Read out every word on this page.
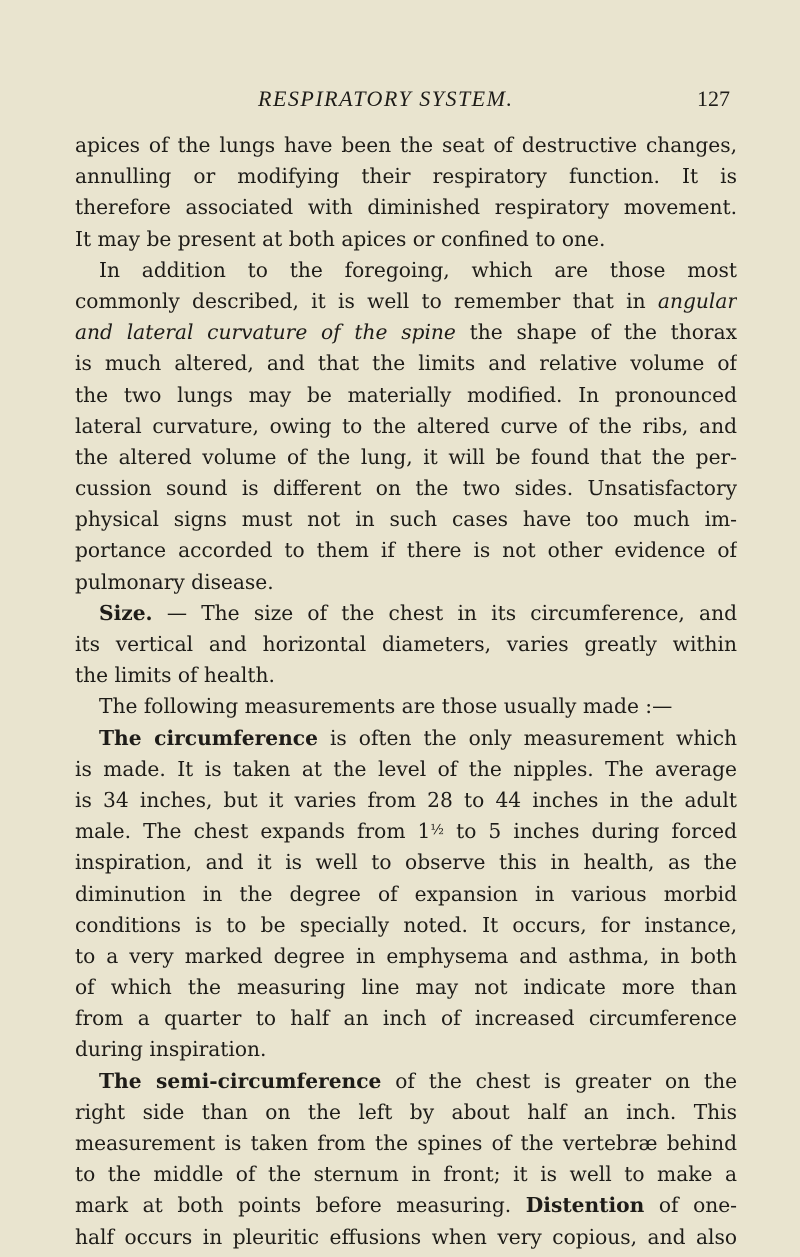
RESPIRATORY SYSTEM.	127
apices of the lungs have been the seat of destructive changes,
annulling or modifying their respiratory function. It is
therefore associated with diminished respiratory movement.
It may be present at both apices or confined to one.
In addition to the foregoing, which are those most
commonly described, it is well to remember that in angular
and lateral curvature of the spine the shape of the thorax
is much altered, and that the limits and relative volume of
the two lungs may be materially modified. In pronounced
lateral curvature, owing to the altered curve of the ribs, and
the altered volume of the lung, it will be found that the per-
cussion sound is different on the two sides. Unsatisfactory
physical signs must not in such cases have too much im-
portance accorded to them if there is not other evidence of
pulmonary disease.
Size. — The size of the chest in its circumference, and
its vertical and horizontal diameters, varies greatly within
the limits of health.
The following measurements are those usually made :—
The circumference is often the only measurement which
is made. It is taken at the level of the nipples. The average
is 34 inches, but it varies from 28 to 44 inches in the adult
male. The chest expands from 1½ to 5 inches during forced
inspiration, and it is well to observe this in health, as the
diminution in the degree of expansion in various morbid
conditions is to be specially noted. It occurs, for instance,
to a very marked degree in emphysema and asthma, in both
of which the measuring line may not indicate more than
from a quarter to half an inch of increased circumference
during inspiration.
The semi-circumference of the chest is greater on the
right side than on the left by about half an inch. This
measurement is taken from the spines of the vertebræ behind
to the middle of the sternum in front; it is well to make a
mark at both points before measuring. Distention of one-
half occurs in pleuritic effusions when very copious, and also
